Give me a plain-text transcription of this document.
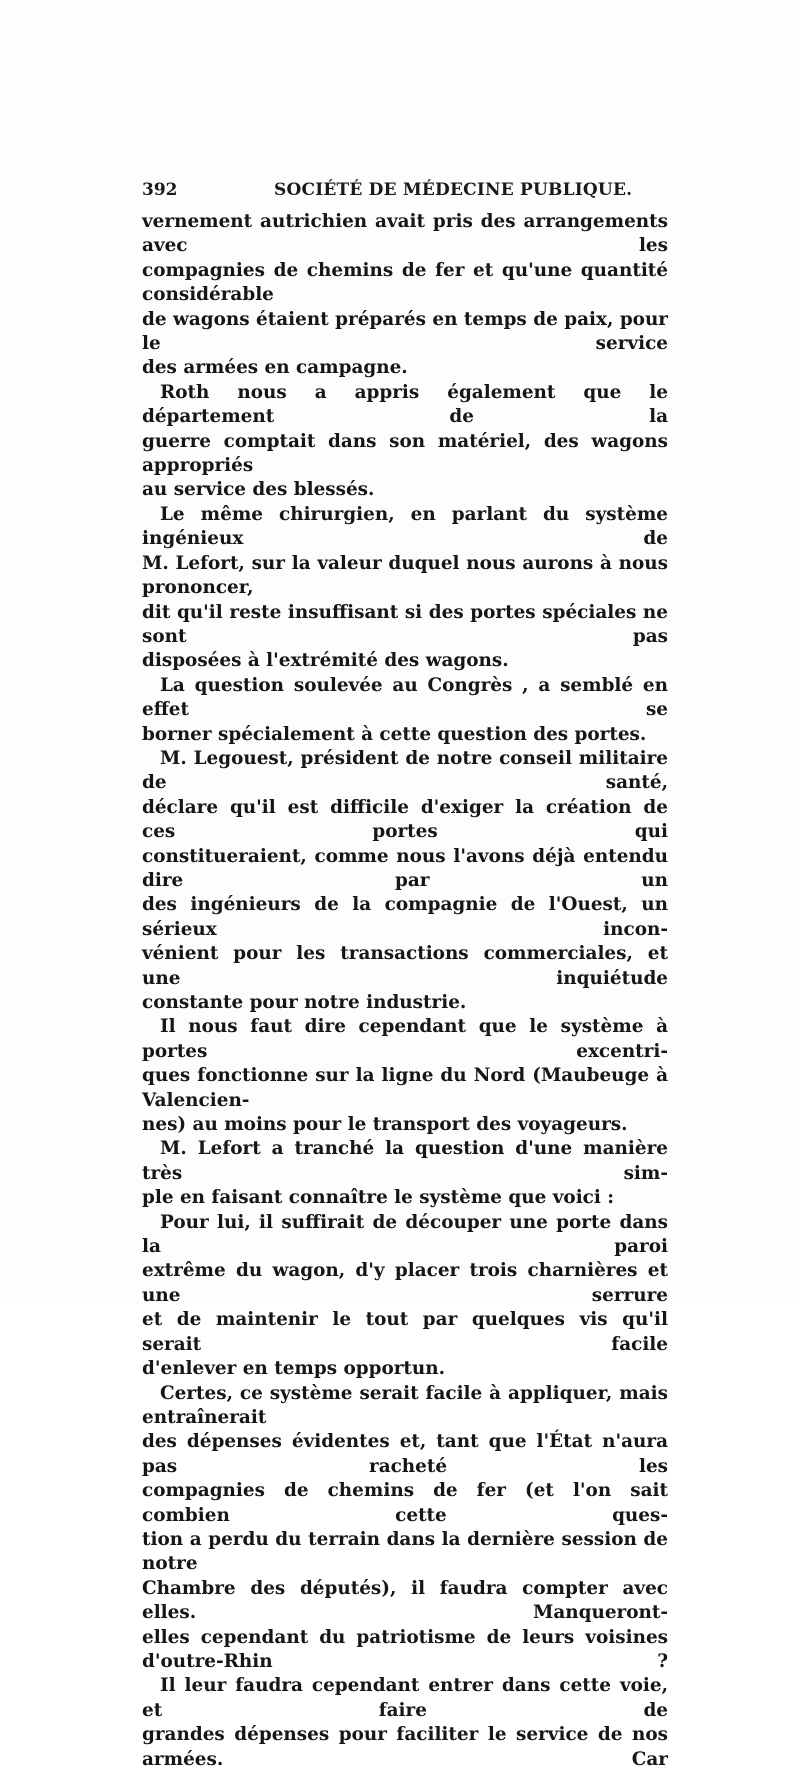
392	SOCIÉTÉ DE MÉDECINE PUBLIQUE.

vernement autrichien avait pris des arrangements avec les

compagnies de chemins de fer et qu'une quantité considérable

de wagons étaient préparés en temps de paix, pour le service

des armées en campagne.

Roth nous a appris également que le département de la

guerre comptait dans son matériel, des wagons appropriés

au service des blessés.

Le même chirurgien, en parlant du système ingénieux de

M. Lefort, sur la valeur duquel nous aurons à nous prononcer,

dit qu'il reste insuffisant si des portes spéciales ne sont pas

disposées à l'extrémité des wagons.

La question soulevée au Congrès , a semblé en effet se

borner spécialement à cette question des portes.

M. Legouest, président de notre conseil militaire de santé,

déclare qu'il est difficile d'exiger la création de ces portes qui

constitueraient, comme nous l'avons déjà entendu dire par un

des ingénieurs de la compagnie de l'Ouest, un sérieux incon-

vénient pour les transactions commerciales, et une inquiétude

constante pour notre industrie.

Il nous faut dire cependant que le système à portes excentri-

ques fonctionne sur la ligne du Nord (Maubeuge à Valencien-

nes) au moins pour le transport des voyageurs.

M. Lefort a tranché la question d'une manière très sim-

ple en faisant connaître le système que voici :

Pour lui, il suffirait de découper une porte dans la paroi

extrême du wagon, d'y placer trois charnières et une serrure

et de maintenir le tout par quelques vis qu'il serait facile

d'enlever en temps opportun.

Certes, ce système serait facile à appliquer, mais entraînerait

des dépenses évidentes et, tant que l'État n'aura pas racheté les

compagnies de chemins de fer (et l'on sait combien cette ques-

tion a perdu du terrain dans la dernière session de notre

Chambre des députés), il faudra compter avec elles. Manqueront-

elles cependant du patriotisme de leurs voisines d'outre-Rhin ?

Il leur faudra cependant entrer dans cette voie, et faire de

grandes dépenses pour faciliter le service de nos armées. Car
